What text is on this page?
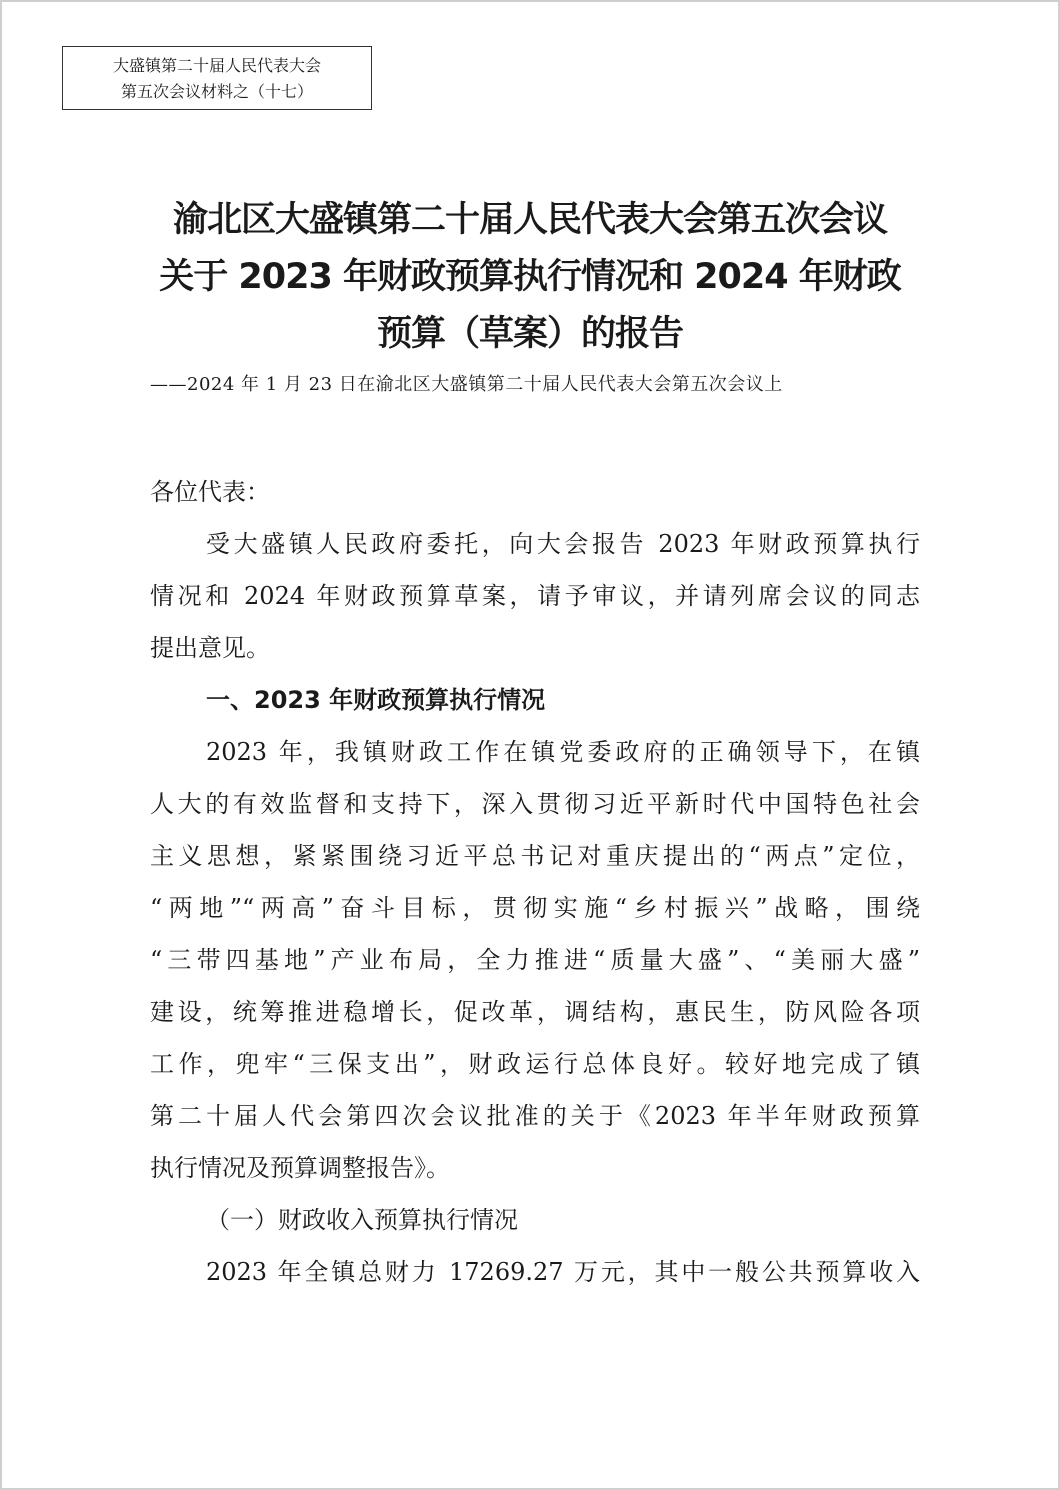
大盛镇第二十届人民代表大会
第五次会议材料之（十七）
渝北区大盛镇第二十届人民代表大会第五次会议
关于 2023 年财政预算执行情况和 2024 年财政
预算（草案）的报告
——2024 年 1 月 23 日在渝北区大盛镇第二十届人民代表大会第五次会议上
各位代表：
受大盛镇人民政府委托，向大会报告 2023 年财政预算执行
情况和 2024 年财政预算草案，请予审议，并请列席会议的同志
提出意见。
一、2023 年财政预算执行情况
2023 年，我镇财政工作在镇党委政府的正确领导下，在镇
人大的有效监督和支持下，深入贯彻习近平新时代中国特色社会
主义思想，紧紧围绕习近平总书记对重庆提出的“两点”定位，
“两地”“两高”奋斗目标，贯彻实施“乡村振兴”战略，围绕
“三带四基地”产业布局，全力推进“质量大盛”、“美丽大盛”
建设，统筹推进稳增长，促改革，调结构，惠民生，防风险各项
工作，兜牢“三保支出”，财政运行总体良好。较好地完成了镇
第二十届人代会第四次会议批准的关于《2023 年半年财政预算
执行情况及预算调整报告》。
（一）财政收入预算执行情况
2023 年全镇总财力 17269.27 万元，其中一般公共预算收入
